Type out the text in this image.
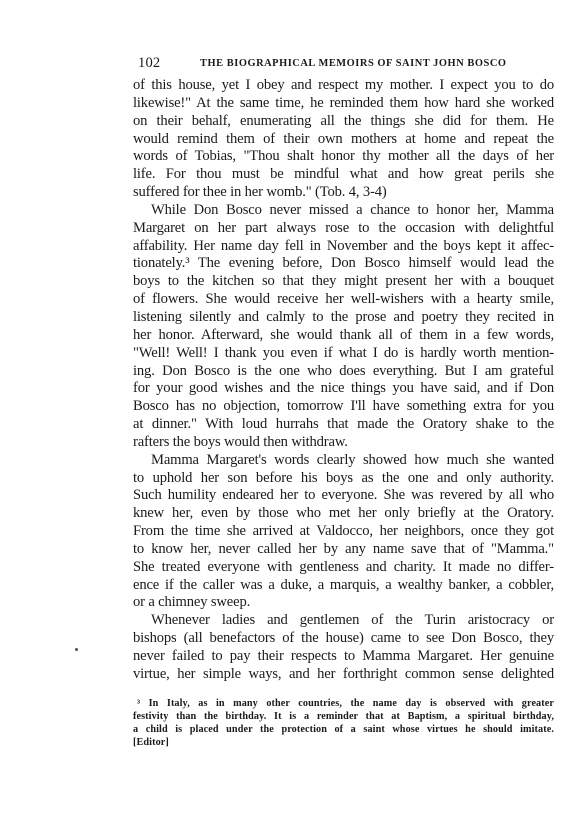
102	THE BIOGRAPHICAL MEMOIRS OF SAINT JOHN BOSCO
of this house, yet I obey and respect my mother. I expect you to do
likewise!" At the same time, he reminded them how hard she worked
on their behalf, enumerating all the things she did for them. He
would remind them of their own mothers at home and repeat the
words of Tobias, "Thou shalt honor thy mother all the days of her
life. For thou must be mindful what and how great perils she
suffered for thee in her womb." (Tob. 4, 3-4)
While Don Bosco never missed a chance to honor her, Mamma
Margaret on her part always rose to the occasion with delightful
affability. Her name day fell in November and the boys kept it affec-
tionately.³ The evening before, Don Bosco himself would lead the
boys to the kitchen so that they might present her with a bouquet
of flowers. She would receive her well-wishers with a hearty smile,
listening silently and calmly to the prose and poetry they recited in
her honor. Afterward, she would thank all of them in a few words,
"Well! Well! I thank you even if what I do is hardly worth mention-
ing. Don Bosco is the one who does everything. But I am grateful
for your good wishes and the nice things you have said, and if Don
Bosco has no objection, tomorrow I'll have something extra for you
at dinner." With loud hurrahs that made the Oratory shake to the
rafters the boys would then withdraw.
Mamma Margaret's words clearly showed how much she wanted
to uphold her son before his boys as the one and only authority.
Such humility endeared her to everyone. She was revered by all who
knew her, even by those who met her only briefly at the Oratory.
From the time she arrived at Valdocco, her neighbors, once they got
to know her, never called her by any name save that of "Mamma."
She treated everyone with gentleness and charity. It made no differ-
ence if the caller was a duke, a marquis, a wealthy banker, a cobbler,
or a chimney sweep.
Whenever ladies and gentlemen of the Turin aristocracy or
bishops (all benefactors of the house) came to see Don Bosco, they
never failed to pay their respects to Mamma Margaret. Her genuine
virtue, her simple ways, and her forthright common sense delighted
³ In Italy, as in many other countries, the name day is observed with greater
festivity than the birthday. It is a reminder that at Baptism, a spiritual birthday,
a child is placed under the protection of a saint whose virtues he should imitate.
[Editor]
